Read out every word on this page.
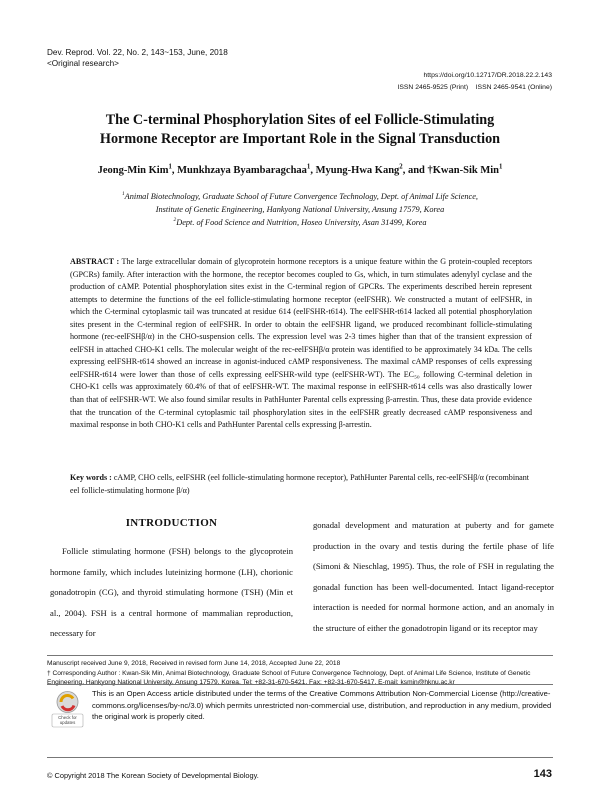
Dev. Reprod. Vol. 22, No. 2, 143~153, June, 2018
<Original research>
https://doi.org/10.12717/DR.2018.22.2.143
ISSN 2465-9525 (Print)    ISSN 2465-9541 (Online)
The C-terminal Phosphorylation Sites of eel Follicle-Stimulating
Hormone Receptor are Important Role in the Signal Transduction
Jeong-Min Kim$^1$, Munkhzaya Byambaragchaa$^1$, Myung-Hwa Kang$^2$, and †Kwan-Sik Min$^1$
$^1$Animal Biotechnology, Graduate School of Future Convergence Technology, Dept. of Animal Life Science,
Institute of Genetic Engineering, Hankyong National University, Ansung 17579, Korea
$^2$Dept. of Food Science and Nutrition, Hoseo University, Asan 31499, Korea
ABSTRACT : The large extracellular domain of glycoprotein hormone receptors is a unique feature within the G protein-coupled receptors (GPCRs) family. After interaction with the hormone, the receptor becomes coupled to Gs, which, in turn stimulates adenylyl cyclase and the production of cAMP. Potential phosphorylation sites exist in the C-terminal region of GPCRs. The experiments described herein represent attempts to determine the functions of the eel follicle-stimulating hormone receptor (eelFSHR). We constructed a mutant of eelFSHR, in which the C-terminal cytoplasmic tail was truncated at residue 614 (eelFSHR-t614). The eelFSHR-t614 lacked all potential phosphorylation sites present in the C-terminal region of eelFSHR. In order to obtain the eelFSHR ligand, we produced recombinant follicle-stimulating hormone (rec-eelFSHβ/α) in the CHO-suspension cells. The expression level was 2-3 times higher than that of the transient expression of eelFSH in attached CHO-K1 cells. The molecular weight of the rec-eelFSHβ/α protein was identified to be approximately 34 kDa. The cells expressing eelFSHR-t614 showed an increase in agonist-induced cAMP responsiveness. The maximal cAMP responses of cells expressing eelFSHR-t614 were lower than those of cells expressing eelFSHR-wild type (eelFSHR-WT). The EC₅₀ following C-terminal deletion in CHO-K1 cells was approximately 60.4% of that of eelFSHR-WT. The maximal response in eelFSHR-t614 cells was also drastically lower than that of eelFSHR-WT. We also found similar results in PathHunter Parental cells expressing β-arrestin. Thus, these data provide evidence that the truncation of the C-terminal cytoplasmic tail phosphorylation sites in the eelFSHR greatly decreased cAMP responsiveness and maximal response in both CHO-K1 cells and PathHunter Parental cells expressing β-arrestin.
Key words : cAMP, CHO cells, eelFSHR (eel follicle-stimulating hormone receptor), PathHunter Parental cells, rec-eelFSHβ/α (recombinant eel follicle-stimulating hormone β/α)
INTRODUCTION
Follicle stimulating hormone (FSH) belongs to the glycoprotein hormone family, which includes luteinizing hormone (LH), chorionic gonadotropin (CG), and thyroid stimulating hormone (TSH) (Min et al., 2004). FSH is a central hormone of mammalian reproduction, necessary for
gonadal development and maturation at puberty and for gamete production in the ovary and testis during the fertile phase of life (Simoni & Nieschlag, 1995). Thus, the role of FSH in regulating the gonadal function has been well-documented. Intact ligand-receptor interaction is needed for normal hormone action, and an anomaly in the structure of either the gonadotropin ligand or its receptor may
Manuscript received June 9, 2018, Received in revised form June 14, 2018, Accepted June 22, 2018
† Corresponding Author : Kwan-Sik Min, Animal Biotechnology, Graduate School of Future Convergence Technology, Dept. of Animal Life Science, Institute of Genetic Engineering, Hankyong National University, Ansung 17579, Korea. Tel: +82-31-670-5421, Fax: +82-31-670-5417, E-mail: ksmin@hknu.ac.kr
Check for updates
This is an Open Access article distributed under the terms of the Creative Commons Attribution Non-Commercial License (http://creative-commons.org/licenses/by-nc/3.0) which permits unrestricted non-commercial use, distribution, and reproduction in any medium, provided the original work is properly cited.
© Copyright 2018 The Korean Society of Developmental Biology.	143
